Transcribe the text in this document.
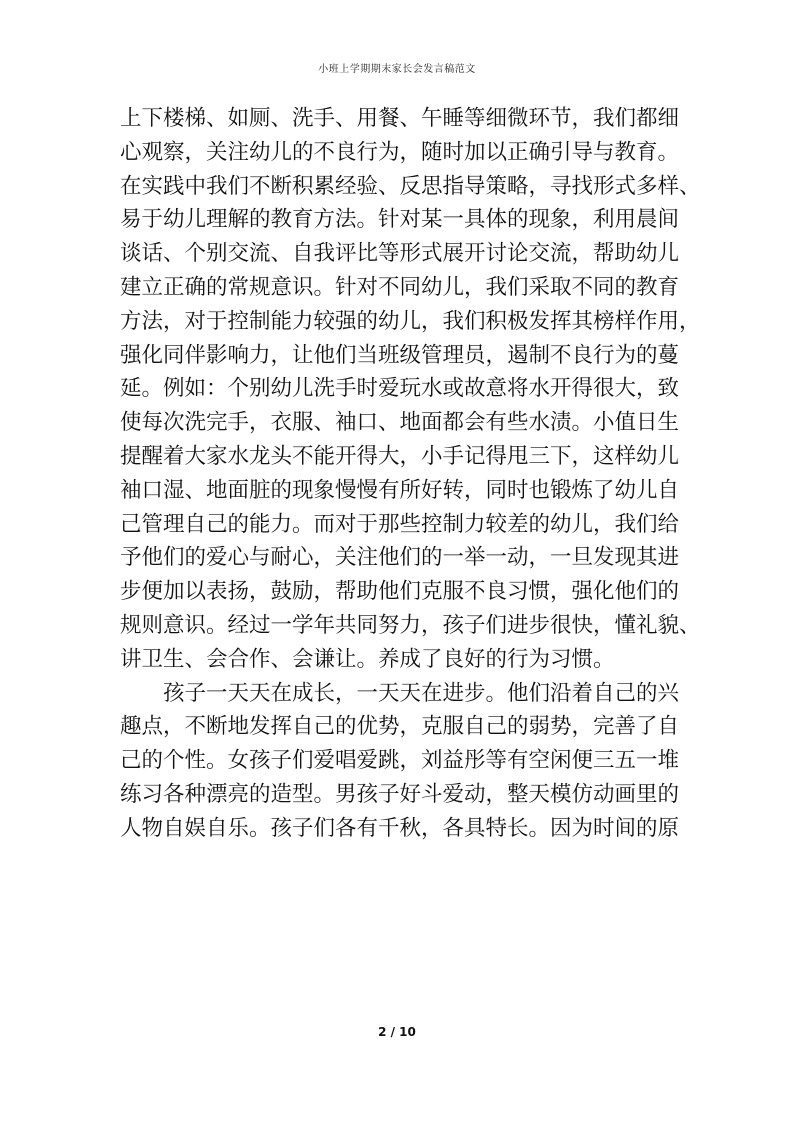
小班上学期期末家长会发言稿范文
上下楼梯、如厕、洗手、用餐、午睡等细微环节，我们都细
心观察，关注幼儿的不良行为，随时加以正确引导与教育。
在实践中我们不断积累经验、反思指导策略，寻找形式多样、
易于幼儿理解的教育方法。针对某一具体的现象，利用晨间
谈话、个别交流、自我评比等形式展开讨论交流，帮助幼儿
建立正确的常规意识。针对不同幼儿，我们采取不同的教育
方法，对于控制能力较强的幼儿，我们积极发挥其榜样作用，
强化同伴影响力，让他们当班级管理员，遏制不良行为的蔓
延。例如：个别幼儿洗手时爱玩水或故意将水开得很大，致
使每次洗完手，衣服、袖口、地面都会有些水渍。小值日生
提醒着大家水龙头不能开得大，小手记得甩三下，这样幼儿
袖口湿、地面脏的现象慢慢有所好转，同时也锻炼了幼儿自
己管理自己的能力。而对于那些控制力较差的幼儿，我们给
予他们的爱心与耐心，关注他们的一举一动，一旦发现其进
步便加以表扬，鼓励，帮助他们克服不良习惯，强化他们的
规则意识。经过一学年共同努力，孩子们进步很快，懂礼貌、
讲卫生、会合作、会谦让。养成了良好的行为习惯。
孩子一天天在成长，一天天在进步。他们沿着自己的兴
趣点，不断地发挥自己的优势，克服自己的弱势，完善了自
己的个性。女孩子们爱唱爱跳，刘益彤等有空闲便三五一堆
练习各种漂亮的造型。男孩子好斗爱动，整天模仿动画里的
人物自娱自乐。孩子们各有千秋，各具特长。因为时间的原
2 / 10
